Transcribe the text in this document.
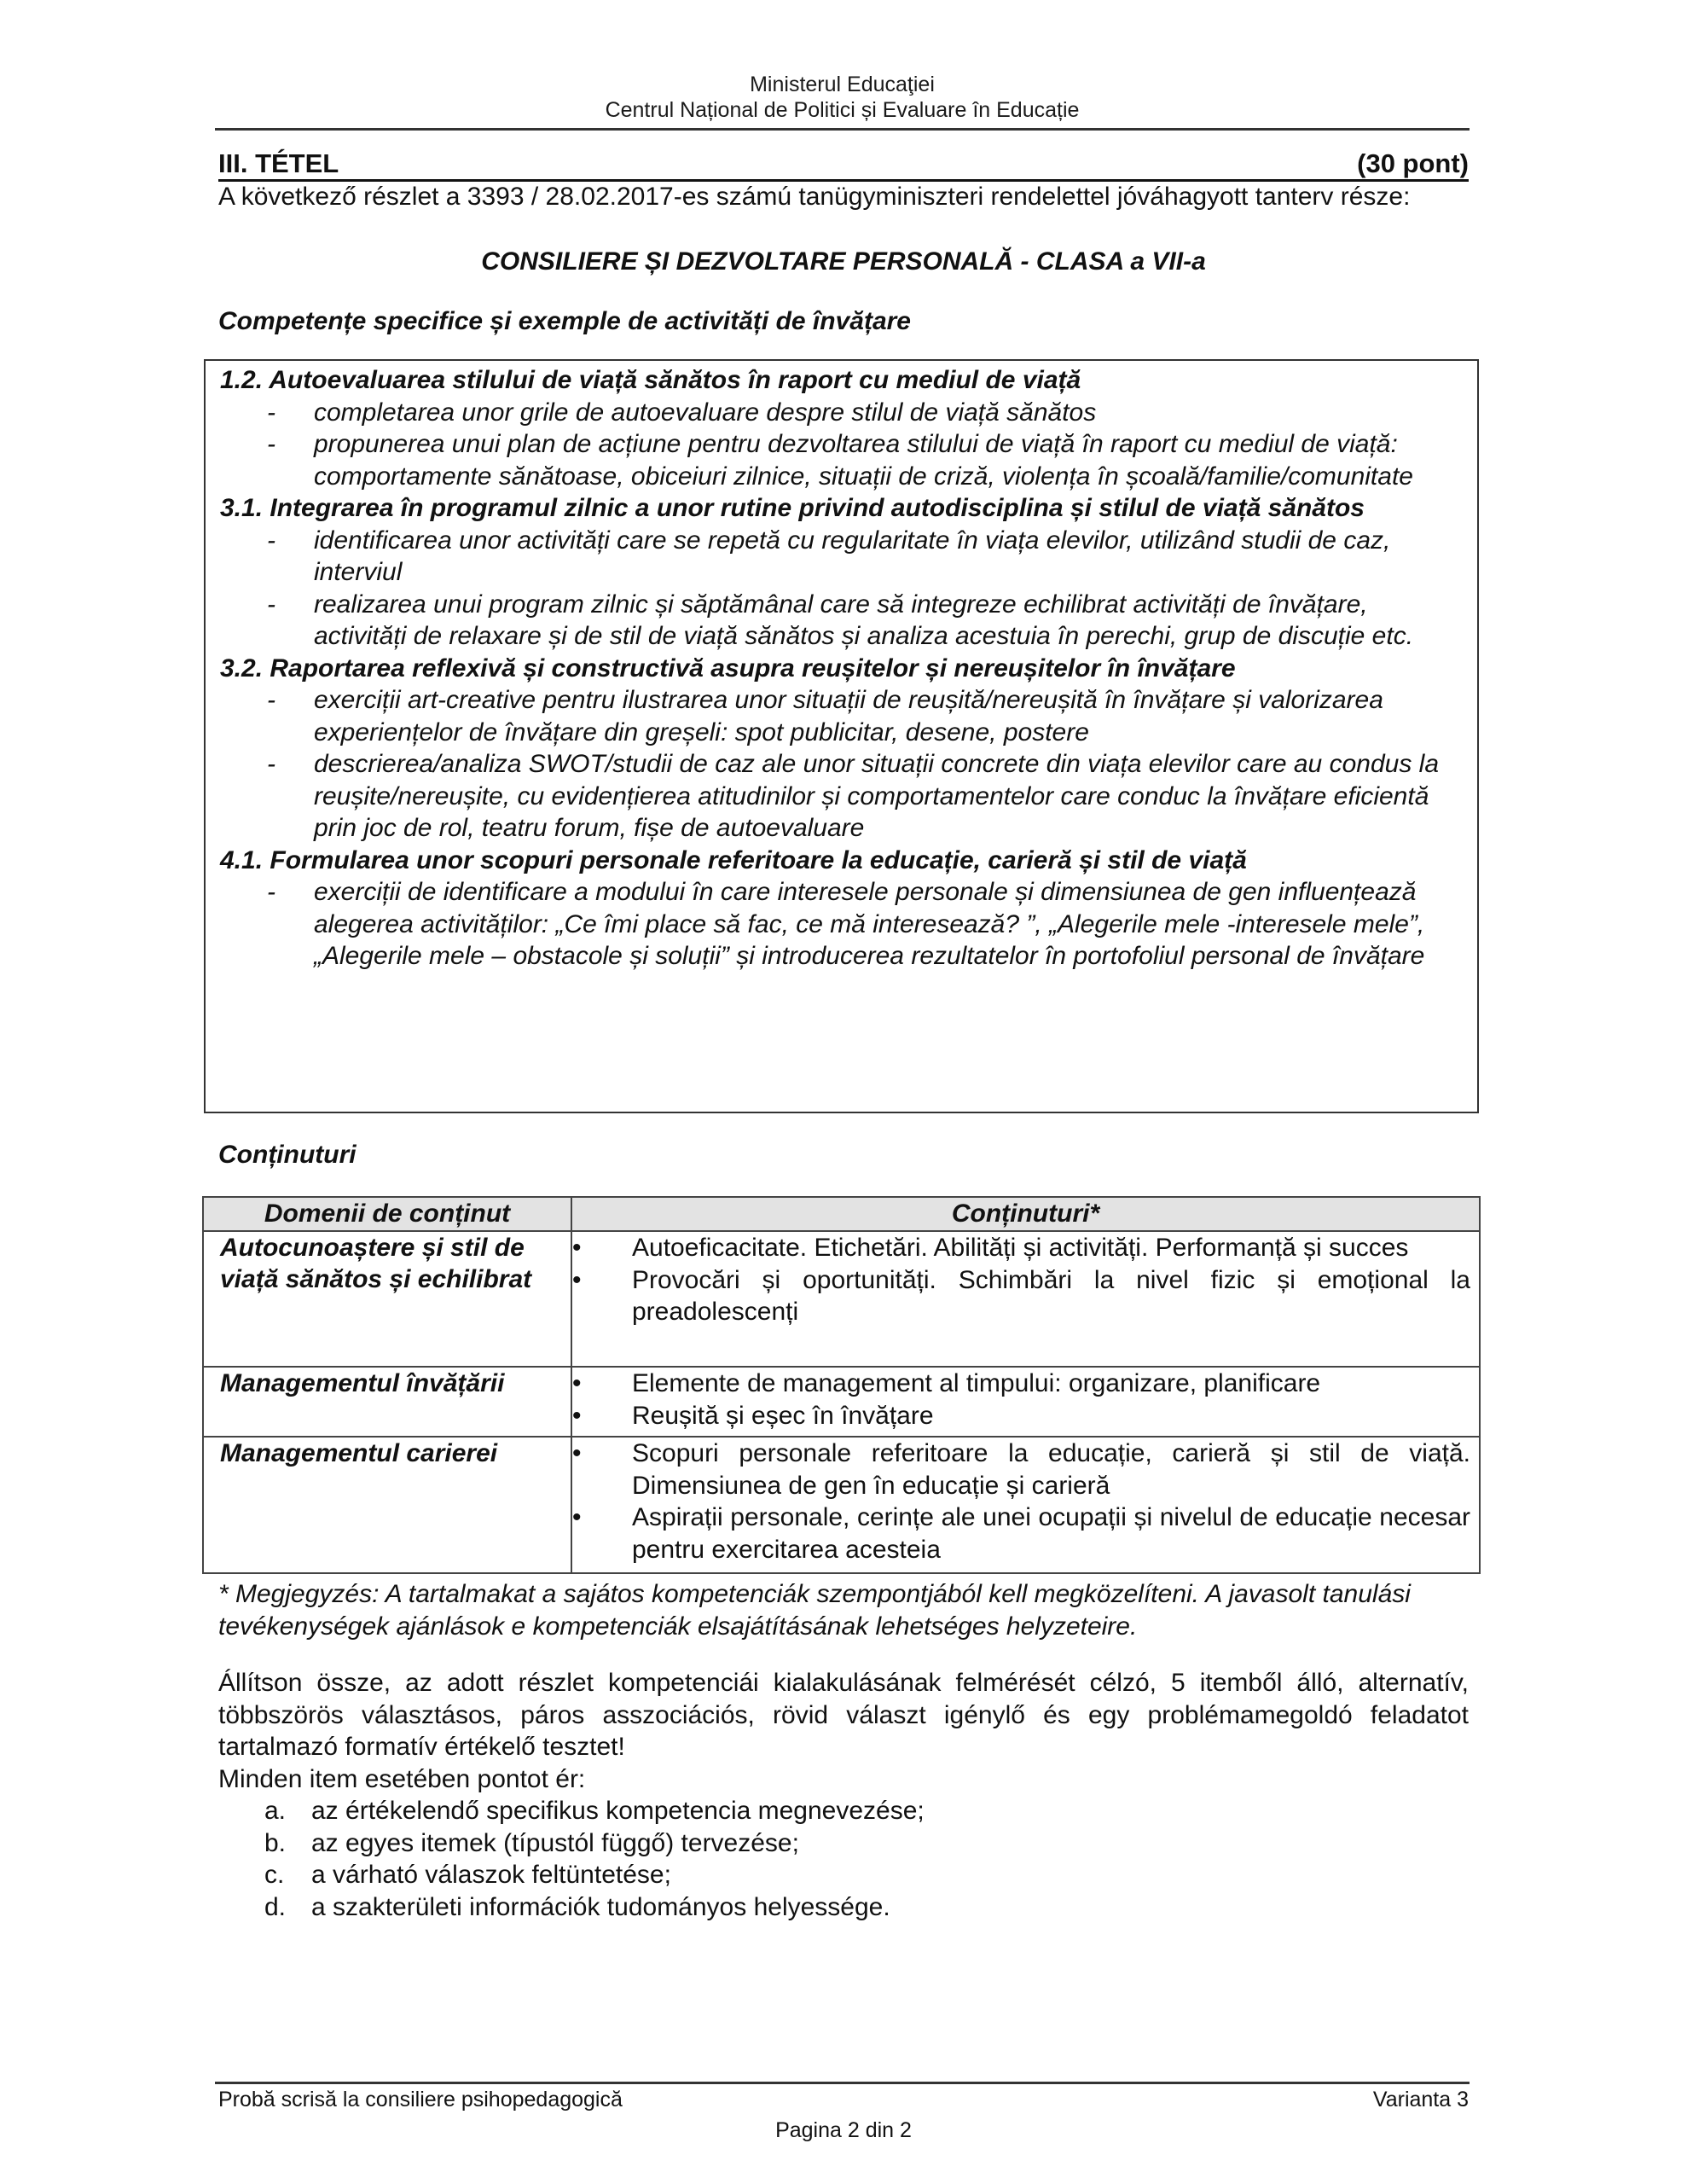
Ministerul Educaţiei
Centrul Național de Politici și Evaluare în Educație
III. TÉTEL	(30 pont)
A következő részlet a 3393 / 28.02.2017-es számú tanügyminiszteri rendelettel jóváhagyott tanterv része:
CONSILIERE ȘI DEZVOLTARE PERSONALĂ - CLASA a VII-a
Competențe specifice și exemple de activități de învățare
1.2. Autoevaluarea stilului de viață sănătos în raport cu mediul de viață
-	completarea unor grile de autoevaluare despre stilul de viață sănătos
-	propunerea unui plan de acțiune pentru dezvoltarea stilului de viață în raport cu mediul de viață: comportamente sănătoase, obiceiuri zilnice, situații de criză, violența în școală/familie/comunitate
3.1. Integrarea în programul zilnic a unor rutine privind autodisciplina și stilul de viață sănătos
-	identificarea unor activități care se repetă cu regularitate în viața elevilor, utilizând studii de caz, interviul
-	realizarea unui program zilnic și săptămânal care să integreze echilibrat activități de învățare, activități de relaxare și de stil de viață sănătos și analiza acestuia în perechi, grup de discuție etc.
3.2. Raportarea reflexivă și constructivă asupra reușitelor și nereușitelor în învățare
-	exerciții art-creative pentru ilustrarea unor situații de reușită/nereușită în învățare și valorizarea experiențelor de învățare din greșeli: spot publicitar, desene, postere
-	descrierea/analiza SWOT/studii de caz ale unor situații concrete din viața elevilor care au condus la reușite/nereușite, cu evidențierea atitudinilor și comportamentelor care conduc la învățare eficientă prin joc de rol, teatru forum, fișe de autoevaluare
4.1. Formularea unor scopuri personale referitoare la educație, carieră și stil de viață
-	exerciții de identificare a modului în care interesele personale și dimensiunea de gen influențează alegerea activităților: „Ce îmi place să fac, ce mă interesează? ”, „Alegerile mele -interesele mele”, „Alegerile mele – obstacole și soluții” și introducerea rezultatelor în portofoliul personal de învățare
Conținuturi
Domenii de conținut	Conținuturi*
Autocunoaștere și stil de viață sănătos și echilibrat	• Autoeficacitate. Etichetări. Abilități și activități. Performanță și succes
• Provocări și oportunități. Schimbări la nivel fizic și emoțional la preadolescenți

Managementul învățării	• Elemente de management al timpului: organizare, planificare
• Reușită și eșec în învățare

Managementul carierei	• Scopuri personale referitoare la educație, carieră și stil de viață. Dimensiunea de gen în educație și carieră
• Aspirații personale, cerințe ale unei ocupații și nivelul de educație necesar pentru exercitarea acesteia
* Megjegyzés: A tartalmakat a sajátos kompetenciák szempontjából kell megközelíteni. A javasolt tanulási tevékenységek ajánlások e kompetenciák elsajátításának lehetséges helyzeteire.
Állítson össze, az adott részlet kompetenciái kialakulásának felmérését célzó, 5 itemből álló, alternatív, többszörös választásos, páros asszociációs, rövid választ igénylő és egy problémamegoldó feladatot tartalmazó formatív értékelő tesztet!
Minden item esetében pontot ér:
a. az értékelendő specifikus kompetencia megnevezése;
b. az egyes itemek (típustól függő) tervezése;
c.	a várható válaszok feltüntetése;
d. a szakterületi információk tudományos helyessége.
Probă scrisă la consiliere psihopedagogică	Varianta 3
Pagina 2 din 2
